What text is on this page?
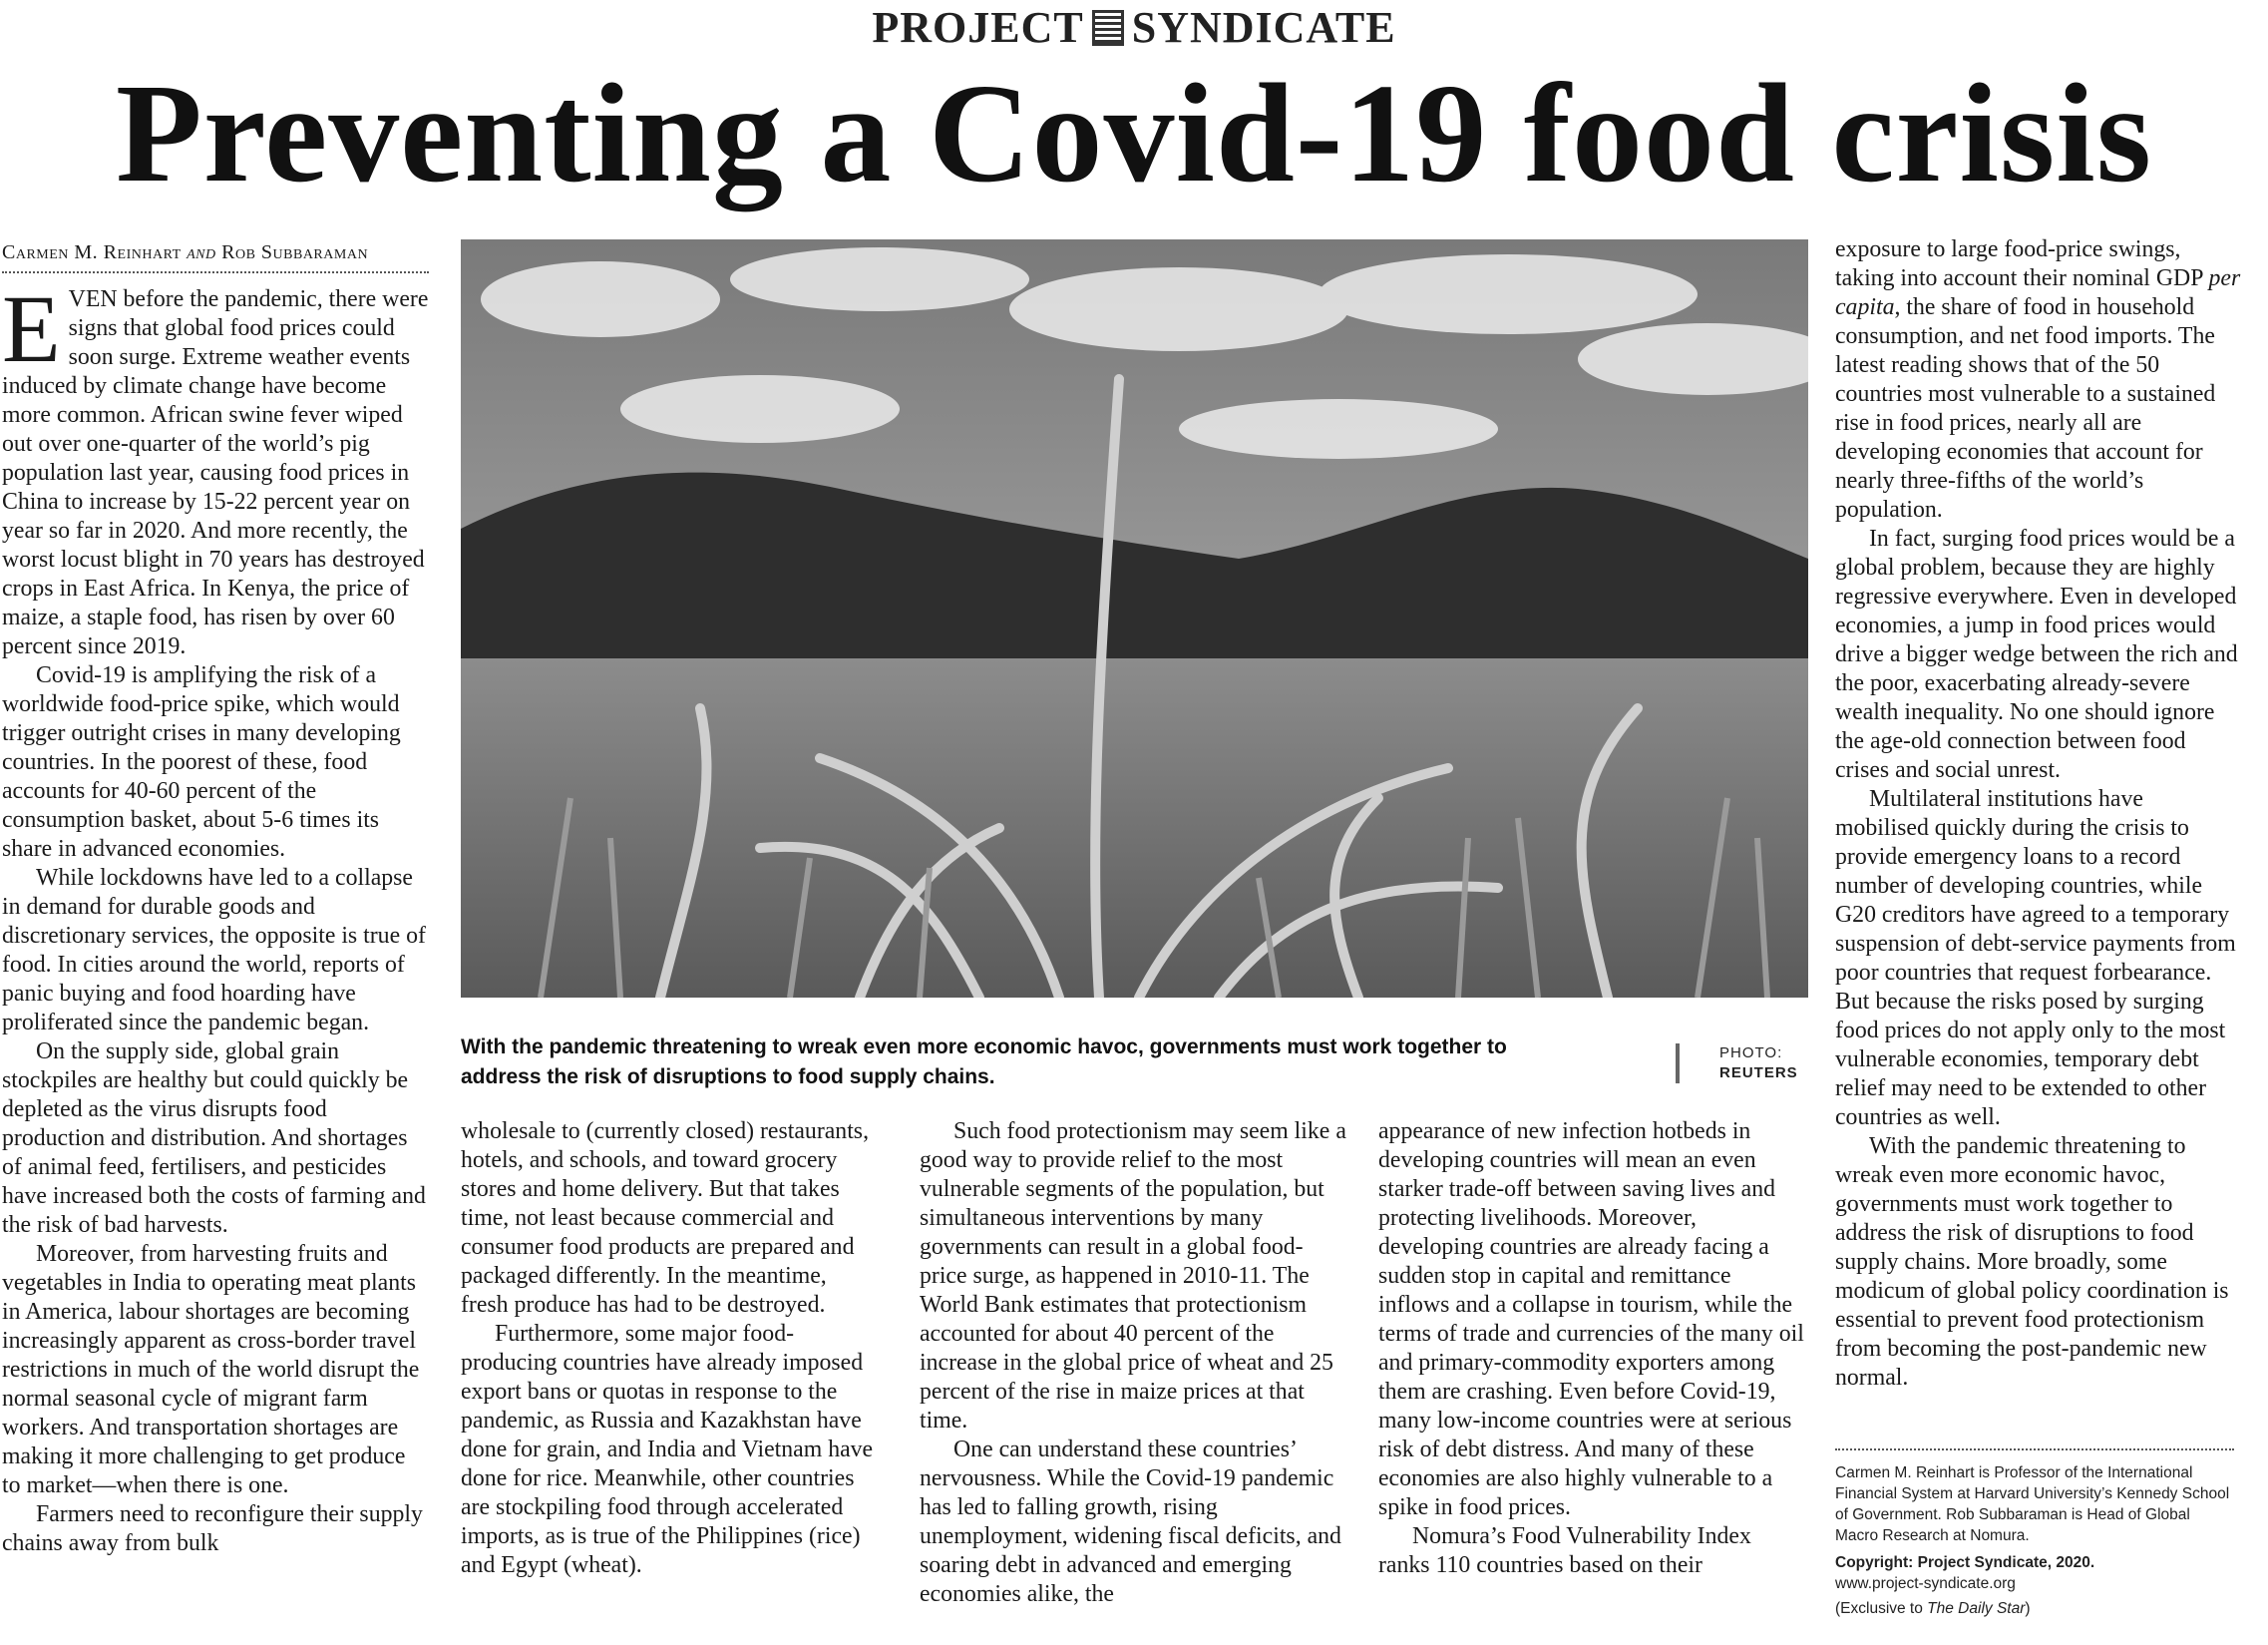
PROJECT SYNDICATE
Preventing a Covid-19 food crisis
Carmen M. Reinhart and Rob Subbaraman

EVEN before the pandemic, there were signs that global food prices could soon surge. Extreme weather events induced by climate change have become more common. African swine fever wiped out over one-quarter of the world’s pig population last year, causing food prices in China to increase by 15-22 percent year on year so far in 2020. And more recently, the worst locust blight in 70 years has destroyed crops in East Africa. In Kenya, the price of maize, a staple food, has risen by over 60 percent since 2019.

Covid-19 is amplifying the risk of a worldwide food-price spike, which would trigger outright crises in many developing countries. In the poorest of these, food accounts for 40-60 percent of the consumption basket, about 5-6 times its share in advanced economies.

While lockdowns have led to a collapse in demand for durable goods and discretionary services, the opposite is true of food. In cities around the world, reports of panic buying and food hoarding have proliferated since the pandemic began.

On the supply side, global grain stockpiles are healthy but could quickly be depleted as the virus disrupts food production and distribution. And shortages of animal feed, fertilisers, and pesticides have increased both the costs of farming and the risk of bad harvests.

Moreover, from harvesting fruits and vegetables in India to operating meat plants in America, labour shortages are becoming increasingly apparent as cross-border travel restrictions in much of the world disrupt the normal seasonal cycle of migrant farm workers. And transportation shortages are making it more challenging to get produce to market—when there is one.

Farmers need to reconfigure their supply chains away from bulk

With the pandemic threatening to wreak even more economic havoc, governments must work together to address the risk of disruptions to food supply chains.
PHOTO:
REUTERS

wholesale to (currently closed) restaurants, hotels, and schools, and toward grocery stores and home delivery. But that takes time, not least because commercial and consumer food products are prepared and packaged differently. In the meantime, fresh produce has had to be destroyed.

Furthermore, some major food-producing countries have already imposed export bans or quotas in response to the pandemic, as Russia and Kazakhstan have done for grain, and India and Vietnam have done for rice. Meanwhile, other countries are stockpiling food through accelerated imports, as is true of the Philippines (rice) and Egypt (wheat).

Such food protectionism may seem like a good way to provide relief to the most vulnerable segments of the population, but simultaneous interventions by many governments can result in a global food-price surge, as happened in 2010-11. The World Bank estimates that protectionism accounted for about 40 percent of the increase in the global price of wheat and 25 percent of the rise in maize prices at that time.

One can understand these countries’ nervousness. While the Covid-19 pandemic has led to falling growth, rising unemployment, widening fiscal deficits, and soaring debt in advanced and emerging economies alike, the

appearance of new infection hotbeds in developing countries will mean an even starker trade-off between saving lives and protecting livelihoods. Moreover, developing countries are already facing a sudden stop in capital and remittance inflows and a collapse in tourism, while the terms of trade and currencies of the many oil and primary-commodity exporters among them are crashing. Even before Covid-19, many low-income countries were at serious risk of debt distress. And many of these economies are also highly vulnerable to a spike in food prices.

Nomura’s Food Vulnerability Index ranks 110 countries based on their

exposure to large food-price swings, taking into account their nominal GDP per capita, the share of food in household consumption, and net food imports. The latest reading shows that of the 50 countries most vulnerable to a sustained rise in food prices, nearly all are developing economies that account for nearly three-fifths of the world’s population.

In fact, surging food prices would be a global problem, because they are highly regressive everywhere. Even in developed economies, a jump in food prices would drive a bigger wedge between the rich and the poor, exacerbating already-severe wealth inequality. No one should ignore the age-old connection between food crises and social unrest.

Multilateral institutions have mobilised quickly during the crisis to provide emergency loans to a record number of developing countries, while G20 creditors have agreed to a temporary suspension of debt-service payments from poor countries that request forbearance. But because the risks posed by surging food prices do not apply only to the most vulnerable economies, temporary debt relief may need to be extended to other countries as well.

With the pandemic threatening to wreak even more economic havoc, governments must work together to address the risk of disruptions to food supply chains. More broadly, some modicum of global policy coordination is essential to prevent food protectionism from becoming the post-pandemic new normal.

Carmen M. Reinhart is Professor of the International Financial System at Harvard University’s Kennedy School of Government. Rob Subbaraman is Head of Global Macro Research at Nomura.

Copyright: Project Syndicate, 2020.

www.project-syndicate.org

(Exclusive to The Daily Star)
